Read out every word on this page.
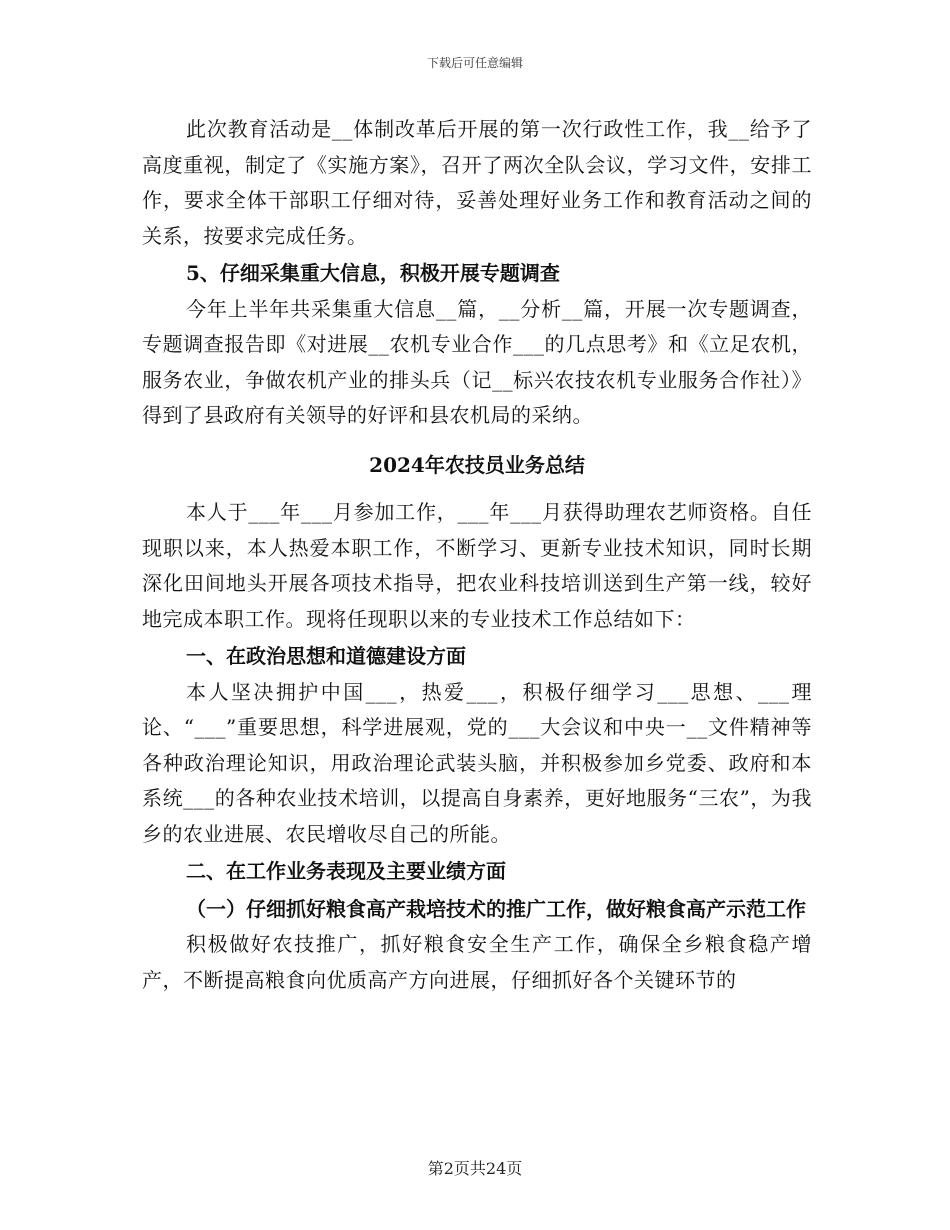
下载后可任意编辑

此次教育活动是__体制改革后开展的第一次行政性工作，我__给予了高度重视，制定了《实施方案》，召开了两次全队会议，学习文件，安排工作，要求全体干部职工仔细对待，妥善处理好业务工作和教育活动之间的关系，按要求完成任务。

5、仔细采集重大信息，积极开展专题调查

今年上半年共采集重大信息__篇，__分析__篇，开展一次专题调查，专题调查报告即《对进展__农机专业合作___的几点思考》和《立足农机，服务农业，争做农机产业的排头兵（记__标兴农技农机专业服务合作社）》得到了县政府有关领导的好评和县农机局的采纳。

2024年农技员业务总结

本人于___年___月参加工作，___年___月获得助理农艺师资格。自任现职以来，本人热爱本职工作，不断学习、更新专业技术知识，同时长期深化田间地头开展各项技术指导，把农业科技培训送到生产第一线，较好地完成本职工作。现将任现职以来的专业技术工作总结如下：

一、在政治思想和道德建设方面

本人坚决拥护中国___，热爱___，积极仔细学习___思想、___理论、“___”重要思想，科学进展观，党的___大会议和中央一__文件精神等各种政治理论知识，用政治理论武装头脑，并积极参加乡党委、政府和本系统___的各种农业技术培训，以提高自身素养，更好地服务“三农”，为我乡的农业进展、农民增收尽自己的所能。

二、在工作业务表现及主要业绩方面

（一）仔细抓好粮食高产栽培技术的推广工作，做好粮食高产示范工作

积极做好农技推广，抓好粮食安全生产工作，确保全乡粮食稳产增产，不断提高粮食向优质高产方向进展，仔细抓好各个关键环节的

第2页共24页
